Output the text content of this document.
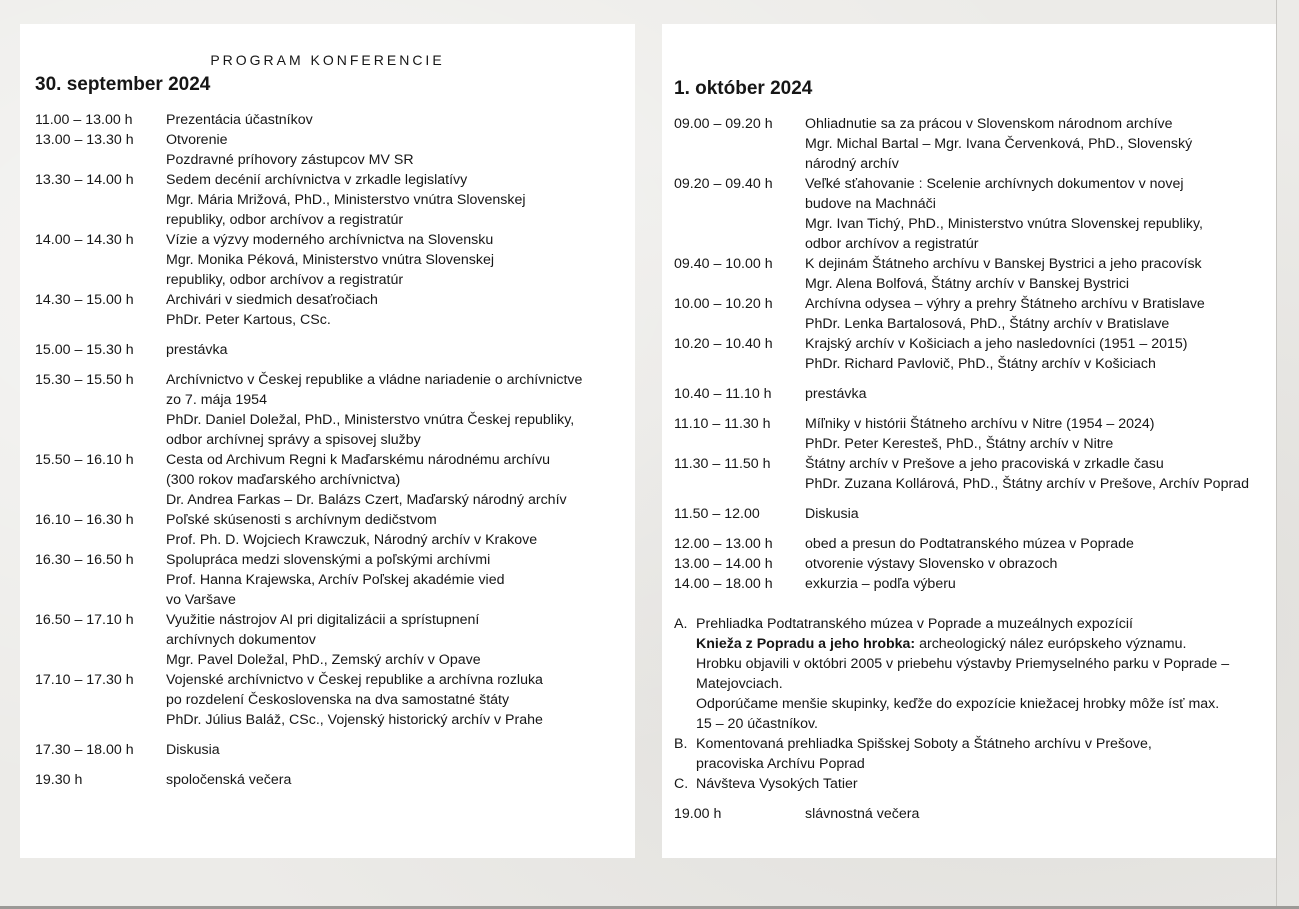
PROGRAM KONFERENCIE
30. september 2024
11.00 – 13.00 h	Prezentácia účastníkov
13.00 – 13.30 h	Otvorenie
Pozdravné príhovory zástupcov MV SR
13.30 – 14.00 h	Sedem decénií archívnictva v zrkadle legislatívy
Mgr. Mária Mrižová, PhD., Ministerstvo vnútra Slovenskej
republiky, odbor archívov a registratúr
14.00 – 14.30 h	Vízie a výzvy moderného archívnictva na Slovensku
Mgr. Monika Péková, Ministerstvo vnútra Slovenskej
republiky, odbor archívov a registratúr
14.30 – 15.00 h	Archivári v siedmich desaťročiach
PhDr. Peter Kartous, CSc.
15.00 – 15.30 h	prestávka
15.30 – 15.50 h	Archívnictvo v Českej republike a vládne nariadenie o archívnictve
zo 7. mája 1954
PhDr. Daniel Doležal, PhD., Ministerstvo vnútra Českej republiky,
odbor archívnej správy a spisovej služby
15.50 – 16.10 h	Cesta od Archivum Regni k Maďarskému národnému archívu
(300 rokov maďarského archívnictva)
Dr. Andrea Farkas – Dr. Balázs Czert, Maďarský národný archív
16.10 – 16.30 h	Poľské skúsenosti s archívnym dedičstvom
Prof. Ph. D. Wojciech Krawczuk, Národný archív v Krakove
16.30 – 16.50 h	Spolupráca medzi slovenskými a poľskými archívmi
Prof. Hanna Krajewska, Archív Poľskej akadémie vied
vo Varšave
16.50 – 17.10 h	Využitie nástrojov AI pri digitalizácii a sprístupnení
archívnych dokumentov
Mgr. Pavel Doležal, PhD., Zemský archív v Opave
17.10 – 17.30 h	Vojenské archívnictvo v Českej republike a archívna rozluka
po rozdelení Československa na dva samostatné štáty
PhDr. Július Baláž, CSc., Vojenský historický archív v Prahe
17.30 – 18.00 h	Diskusia
19.30 h	spoločenská večera
1. október 2024
09.00 – 09.20 h	Ohliadnutie sa za prácou v Slovenskom národnom archíve
Mgr. Michal Bartal – Mgr. Ivana Červenková, PhD., Slovenský
národný archív
09.20 – 09.40 h	Veľké sťahovanie : Scelenie archívnych dokumentov v novej
budove na Machnáči
Mgr. Ivan Tichý, PhD., Ministerstvo vnútra Slovenskej republiky,
odbor archívov a registratúr
09.40 – 10.00 h	K dejinám Štátneho archívu v Banskej Bystrici a jeho pracovísk
Mgr. Alena Bolfová, Štátny archív v Banskej Bystrici
10.00 – 10.20 h	Archívna odysea – výhry a prehry Štátneho archívu v Bratislave
PhDr. Lenka Bartalosová, PhD., Štátny archív v Bratislave
10.20 – 10.40 h	Krajský archív v Košiciach a jeho nasledovníci (1951 – 2015)
PhDr. Richard Pavlovič, PhD., Štátny archív v Košiciach
10.40 – 11.10 h	prestávka
11.10 – 11.30 h	Míľniky v histórii Štátneho archívu v Nitre (1954 – 2024)
PhDr. Peter Keresteš, PhD., Štátny archív v Nitre
11.30 – 11.50 h	Štátny archív v Prešove a jeho pracoviská v zrkadle času
PhDr. Zuzana Kollárová, PhD., Štátny archív v Prešove, Archív Poprad
11.50 – 12.00	Diskusia
12.00 – 13.00 h	obed a presun do Podtatranského múzea v Poprade
13.00 – 14.00 h	otvorenie výstavy Slovensko v obrazoch
14.00 – 18.00 h	exkurzia – podľa výberu
A. Prehliadka Podtatranského múzea v Poprade a muzeálnych expozícií
Knieža z Popradu a jeho hrobka: archeologický nález európskeho významu.
Hrobku objavili v októbri 2005 v priebehu výstavby Priemyselného parku v Poprade –
Matejovciach.
Odporúčame menšie skupinky, keďže do expozície kniežacej hrobky môže ísť max.
15 – 20 účastníkov.
B. Komentovaná prehliadka Spišskej Soboty a Štátneho archívu v Prešove,
pracoviska Archívu Poprad
C. Návšteva Vysokých Tatier
19.00 h	slávnostná večera
